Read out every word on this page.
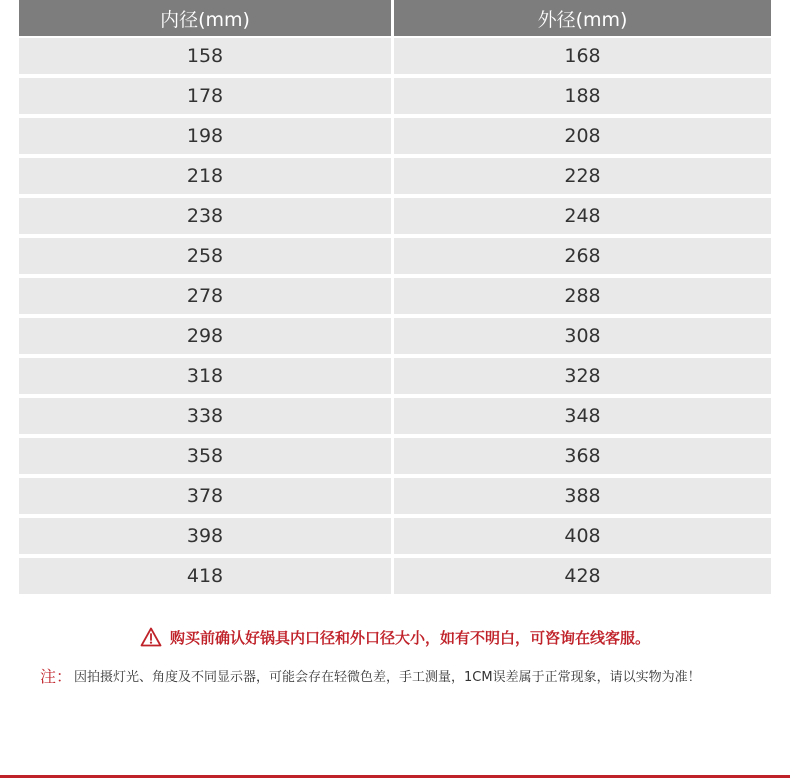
内径(mm)	外径(mm)
158	168
178	188
198	208
218	228
238	248
258	268
278	288
298	308
318	328
338	348
358	368
378	388
398	408
418	428
购买前确认好锅具内口径和外口径大小，如有不明白，可咨询在线客服。
注： 因拍摄灯光、角度及不同显示器，可能会存在轻微色差，手工测量，1CM误差属于正常现象，请以实物为准！
